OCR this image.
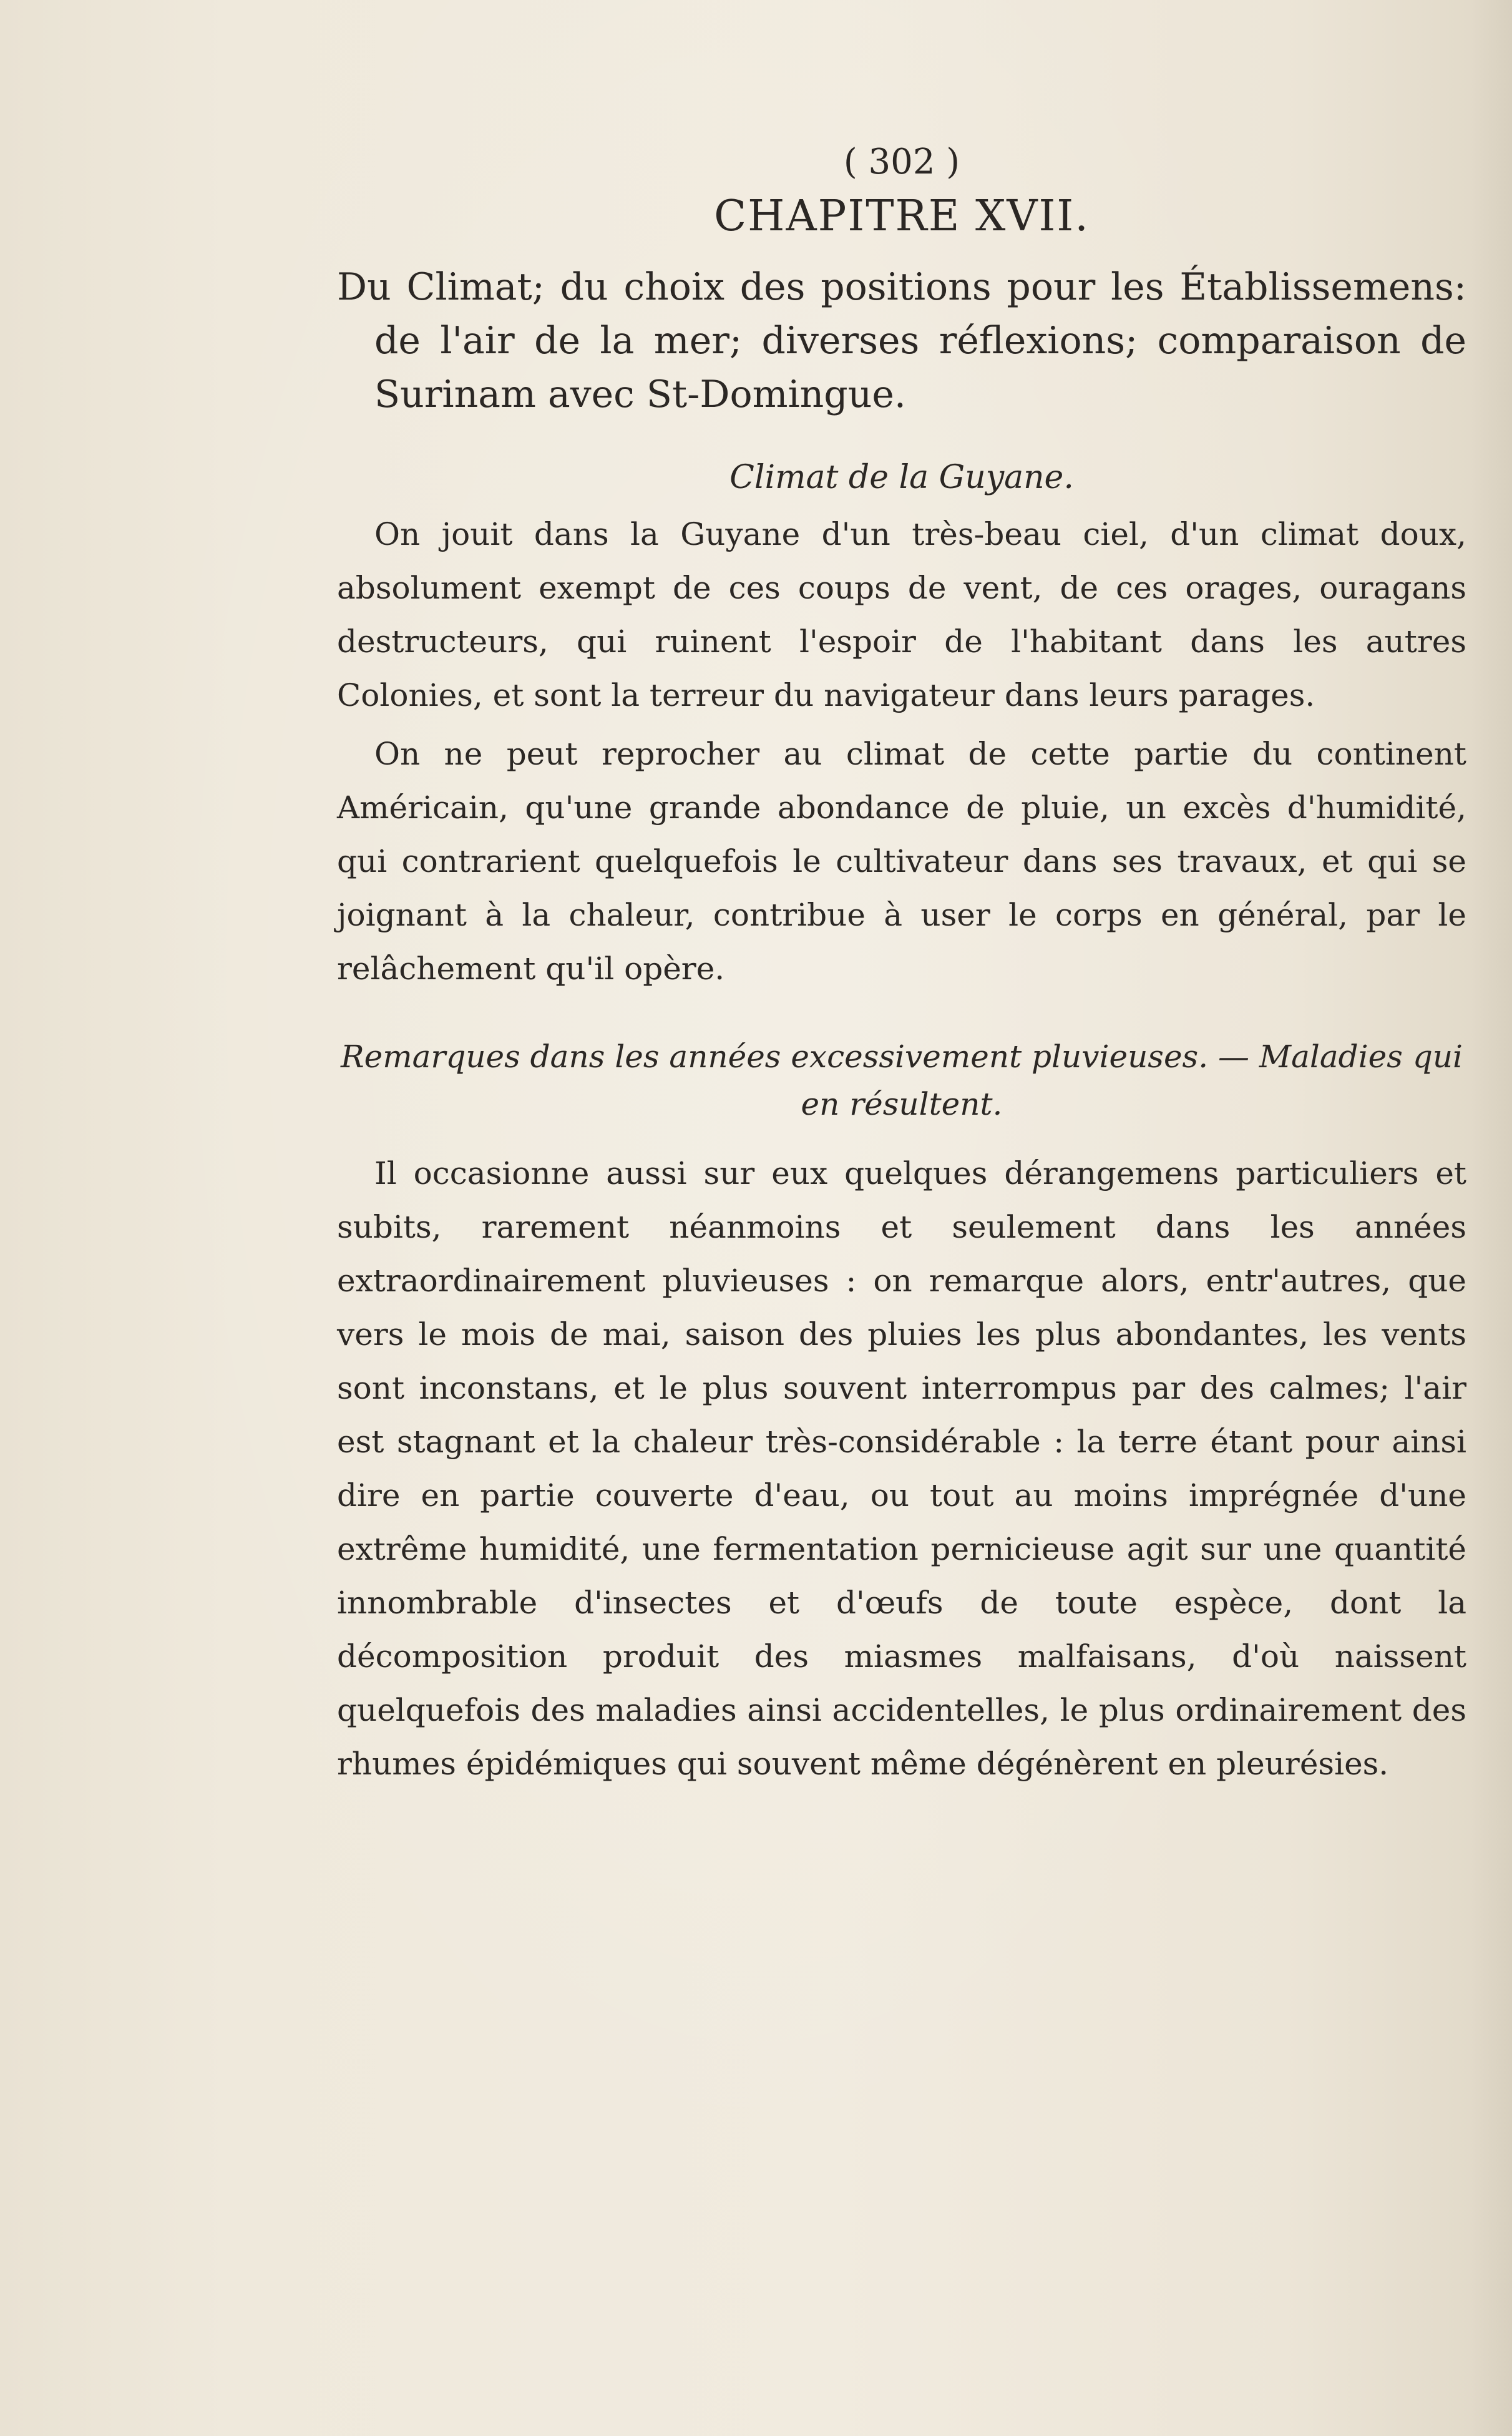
( 302 )
CHAPITRE XVII.

Du Climat; du choix des positions pour les Établissemens: de l'air de la mer; diverses réflexions; comparaison de Surinam avec St-Domingue.

Climat de la Guyane.

On jouit dans la Guyane d'un très-beau ciel, d'un climat doux, absolument exempt de ces coups de vent, de ces orages, ouragans destructeurs, qui ruinent l'espoir de l'habitant dans les autres Colonies, et sont la terreur du navigateur dans leurs parages.

On ne peut reprocher au climat de cette partie du continent Américain, qu'une grande abondance de pluie, un excès d'humidité, qui contrarient quelquefois le cultivateur dans ses travaux, et qui se joignant à la chaleur, contribue à user le corps en général, par le relâchement qu'il opère.

Remarques dans les années excessivement pluvieuses. — Maladies qui en résultent.

Il occasionne aussi sur eux quelques dérangemens particuliers et subits, rarement néanmoins et seulement dans les années extraordinairement pluvieuses : on remarque alors, entr'autres, que vers le mois de mai, saison des pluies les plus abondantes, les vents sont inconstans, et le plus souvent interrompus par des calmes; l'air est stagnant et la chaleur très-considérable : la terre étant pour ainsi dire en partie couverte d'eau, ou tout au moins imprégnée d'une extrême humidité, une fermentation pernicieuse agit sur une quantité innombrable d'insectes et d'œufs de toute espèce, dont la décomposition produit des miasmes malfaisans, d'où naissent quelquefois des maladies ainsi accidentelles, le plus ordinairement des rhumes épidémiques qui souvent même dégénèrent en pleurésies.
